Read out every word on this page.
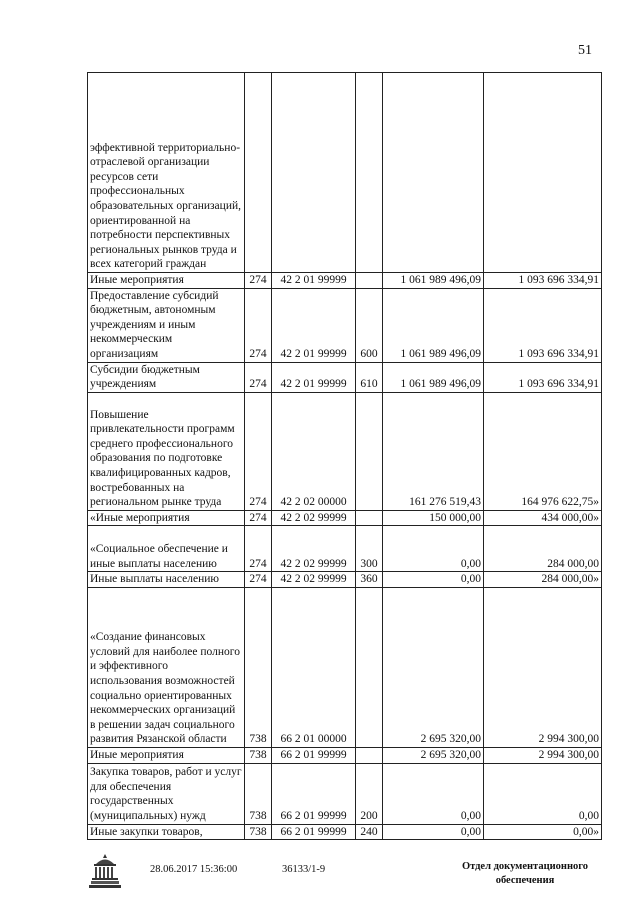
51
эффективной территориально-отраслевой организации ресурсов сети профессиональных образовательных организаций, ориентированной на потребности перспективных региональных рынков труда и всех категорий граждан					
Иные мероприятия	274	42 2 01 99999		1 061 989 496,09	1 093 696 334,91
Предоставление субсидий бюджетным, автономным учреждениям и иным некоммерческим организациям	274	42 2 01 99999	600	1 061 989 496,09	1 093 696 334,91
Субсидии бюджетным учреждениям	274	42 2 01 99999	610	1 061 989 496,09	1 093 696 334,91
Повышение привлекательности программ среднего профессионального образования по подготовке квалифицированных кадров, востребованных на региональном рынке труда	274	42 2 02 00000		161 276 519,43	164 976 622,75»
«Иные мероприятия	274	42 2 02 99999		150 000,00	434 000,00»
«Социальное обеспечение и иные выплаты населению	274	42 2 02 99999	300	0,00	284 000,00
Иные выплаты населению	274	42 2 02 99999	360	0,00	284 000,00»
«Создание финансовых условий для наиболее полного и эффективного использования возможностей социально ориентированных некоммерческих организаций в решении задач социального развития Рязанской области	738	66 2 01 00000		2 695 320,00	2 994 300,00
Иные мероприятия	738	66 2 01 99999		2 695 320,00	2 994 300,00
Закупка товаров, работ и услуг для обеспечения государственных (муниципальных) нужд	738	66 2 01 99999	200	0,00	0,00
Иные закупки товаров,	738	66 2 01 99999	240	0,00	0,00»
28.06.2017 15:36:00	36133/1-9	Отдел документационного
обеспечения
